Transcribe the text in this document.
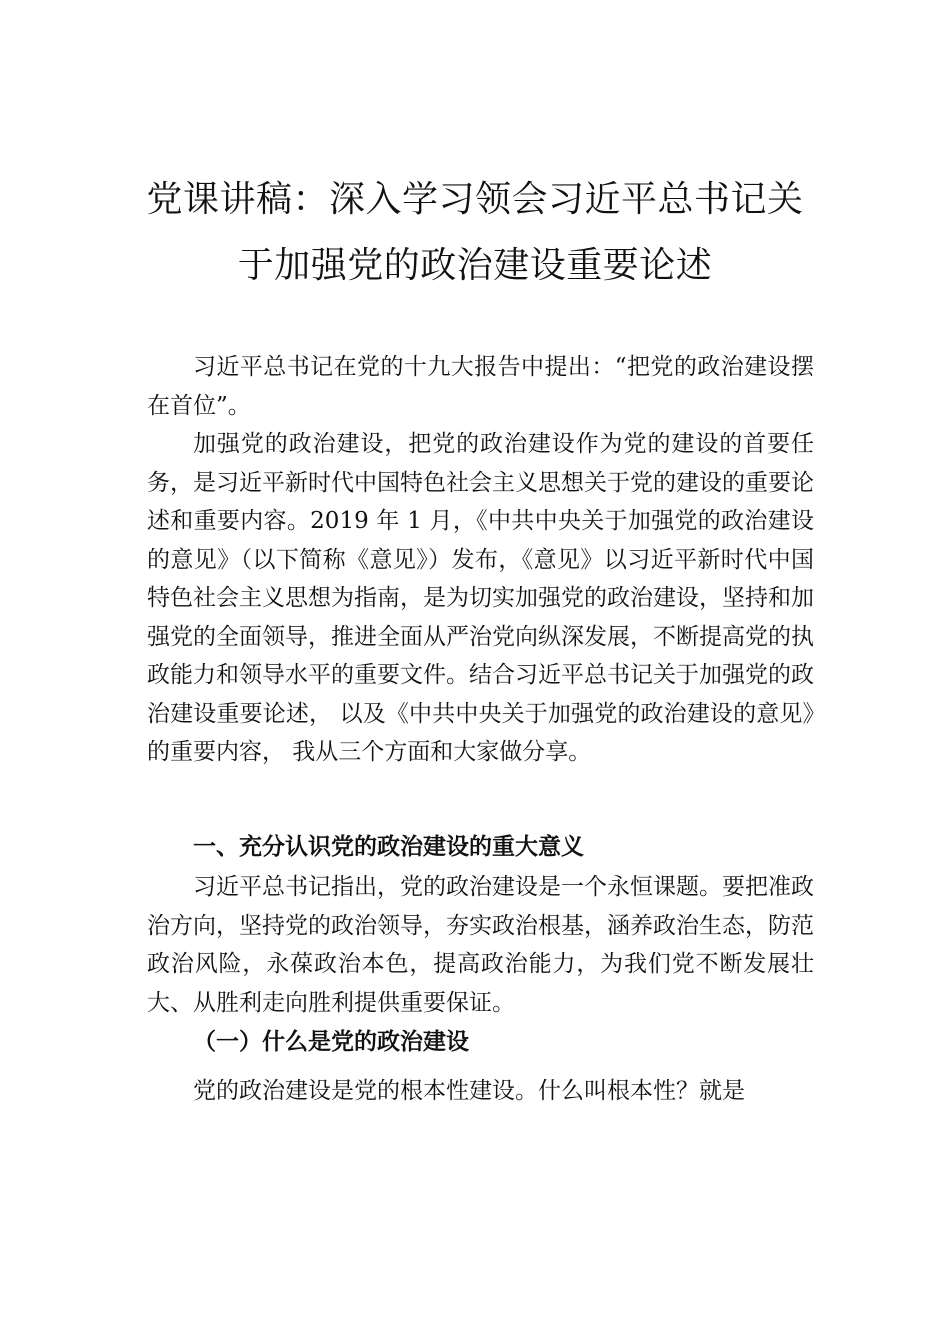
党课讲稿：深入学习领会习近平总书记关
于加强党的政治建设重要论述

习近平总书记在党的十九大报告中提出：“把党的政治建设摆在首位”。

加强党的政治建设，把党的政治建设作为党的建设的首要任务，是习近平新时代中国特色社会主义思想关于党的建设的重要论述和重要内容。2019 年 1 月，《中共中央关于加强党的政治建设的意见》（以下简称《意见》）发布，《意见》以习近平新时代中国特色社会主义思想为指南，是为切实加强党的政治建设，坚持和加强党的全面领导，推进全面从严治党向纵深发展，不断提高党的执政能力和领导水平的重要文件。结合习近平总书记关于加强党的政治建设重要论述， 以及《中共中央关于加强党的政治建设的意见》的重要内容， 我从三个方面和大家做分享。

一、充分认识党的政治建设的重大意义

习近平总书记指出，党的政治建设是一个永恒课题。要把准政治方向，坚持党的政治领导，夯实政治根基，涵养政治生态，防范政治风险，永葆政治本色，提高政治能力，为我们党不断发展壮大、从胜利走向胜利提供重要保证。

（一）什么是党的政治建设

党的政治建设是党的根本性建设。什么叫根本性？就是
